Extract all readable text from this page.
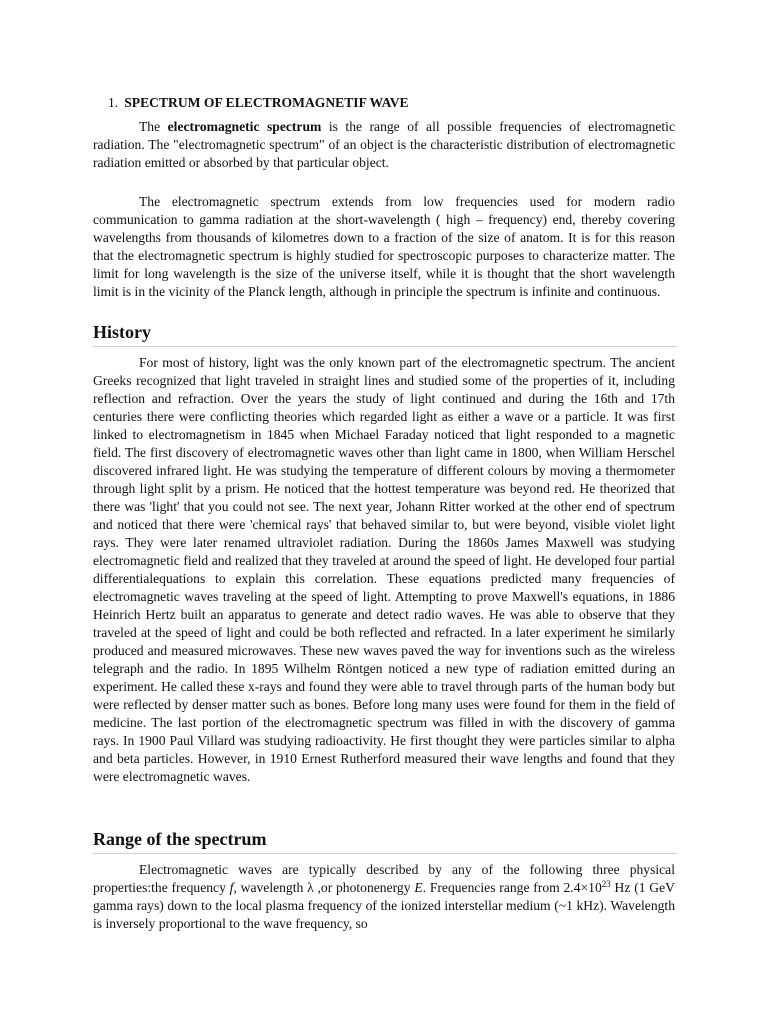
1. SPECTRUM OF ELECTROMAGNETIF WAVE

The electromagnetic spectrum is the range of all possible frequencies of electromagnetic radiation. The "electromagnetic spectrum" of an object is the characteristic distribution of electromagnetic radiation emitted or absorbed by that particular object.

The electromagnetic spectrum extends from low frequencies used for modern radio communication to gamma radiation at the short-wavelength ( high – frequency) end, thereby covering wavelengths from thousands of kilometres down to a fraction of the size of anatom. It is for this reason that the electromagnetic spectrum is highly studied for spectroscopic purposes to characterize matter. The limit for long wavelength is the size of the universe itself, while it is thought that the short wavelength limit is in the vicinity of the Planck length, although in principle the spectrum is infinite and continuous.

History

For most of history, light was the only known part of the electromagnetic spectrum. The ancient Greeks recognized that light traveled in straight lines and studied some of the properties of it, including reflection and refraction. Over the years the study of light continued and during the 16th and 17th centuries there were conflicting theories which regarded light as either a wave or a particle. It was first linked to electromagnetism in 1845 when Michael Faraday noticed that light responded to a magnetic field. The first discovery of electromagnetic waves other than light came in 1800, when William Herschel discovered infrared light. He was studying the temperature of different colours by moving a thermometer through light split by a prism. He noticed that the hottest temperature was beyond red. He theorized that there was 'light' that you could not see. The next year, Johann Ritter worked at the other end of spectrum and noticed that there were 'chemical rays' that behaved similar to, but were beyond, visible violet light rays. They were later renamed ultraviolet radiation. During the 1860s James Maxwell was studying electromagnetic field and realized that they traveled at around the speed of light. He developed four partial differentialequations to explain this correlation. These equations predicted many frequencies of electromagnetic waves traveling at the speed of light. Attempting to prove Maxwell's equations, in 1886 Heinrich Hertz built an apparatus to generate and detect radio waves. He was able to observe that they traveled at the speed of light and could be both reflected and refracted. In a later experiment he similarly produced and measured microwaves. These new waves paved the way for inventions such as the wireless telegraph and the radio. In 1895 Wilhelm Röntgen noticed a new type of radiation emitted during an experiment. He called these x-rays and found they were able to travel through parts of the human body but were reflected by denser matter such as bones. Before long many uses were found for them in the field of medicine. The last portion of the electromagnetic spectrum was filled in with the discovery of gamma rays. In 1900 Paul Villard was studying radioactivity. He first thought they were particles similar to alpha and beta particles. However, in 1910 Ernest Rutherford measured their wave lengths and found that they were electromagnetic waves.

Range of the spectrum

Electromagnetic waves are typically described by any of the following three physical properties:the frequency f, wavelength λ ,or photonenergy E. Frequencies range from $2.4\times 10^{23}$ Hz (1 GeV gamma rays) down to the local plasma frequency of the ionized interstellar medium (~1 kHz). Wavelength is inversely proportional to the wave frequency, so
